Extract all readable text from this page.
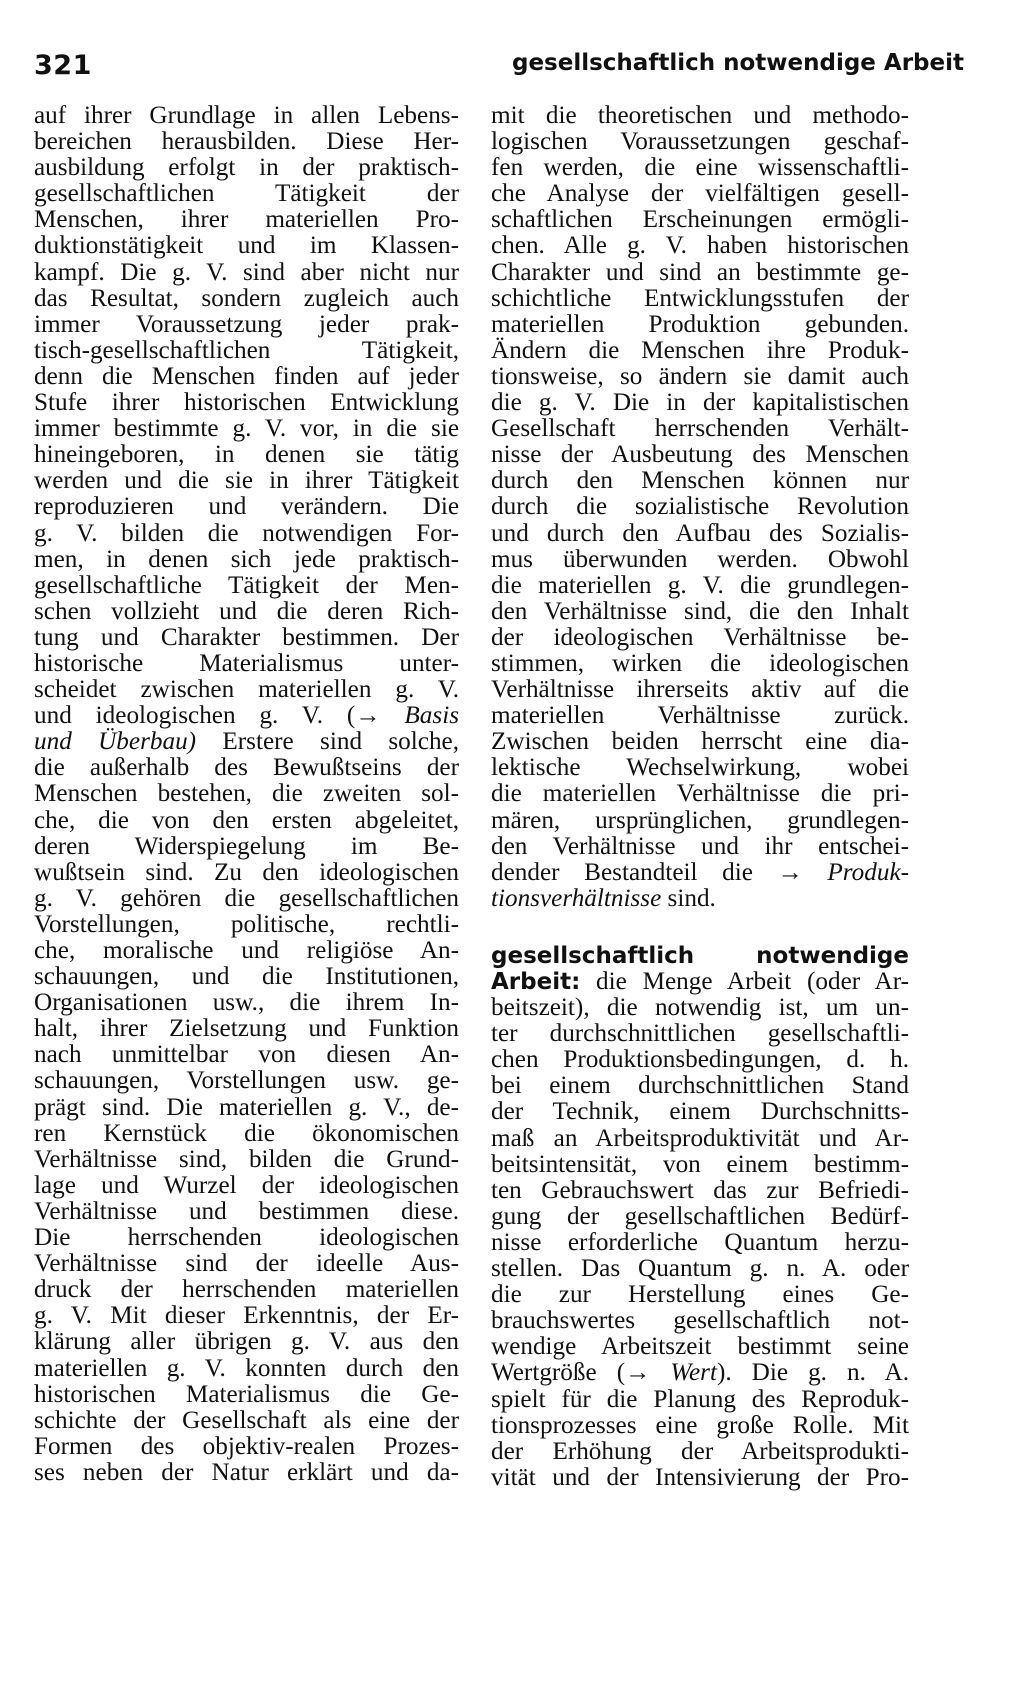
321	gesellschaftlich notwendige Arbeit
auf ihrer Grundlage in allen Lebens-
bereichen herausbilden. Diese Her-
ausbildung erfolgt in der praktisch-
gesellschaftlichen Tätigkeit der
Menschen, ihrer materiellen Pro-
duktionstätigkeit und im Klassen-
kampf. Die g. V. sind aber nicht nur
das Resultat, sondern zugleich auch
immer Voraussetzung jeder prak-
tisch-gesellschaftlichen Tätigkeit,
denn die Menschen finden auf jeder
Stufe ihrer historischen Entwicklung
immer bestimmte g. V. vor, in die sie
hineingeboren, in denen sie tätig
werden und die sie in ihrer Tätigkeit
reproduzieren und verändern. Die
g. V. bilden die notwendigen For-
men, in denen sich jede praktisch-
gesellschaftliche Tätigkeit der Men-
schen vollzieht und die deren Rich-
tung und Charakter bestimmen. Der
historische Materialismus unter-
scheidet zwischen materiellen g. V.
und ideologischen g. V. (→ Basis
und Überbau) Erstere sind solche,
die außerhalb des Bewußtseins der
Menschen bestehen, die zweiten sol-
che, die von den ersten abgeleitet,
deren Widerspiegelung im Be-
wußtsein sind. Zu den ideologischen
g. V. gehören die gesellschaftlichen
Vorstellungen, politische, rechtli-
che, moralische und religiöse An-
schauungen, und die Institutionen,
Organisationen usw., die ihrem In-
halt, ihrer Zielsetzung und Funktion
nach unmittelbar von diesen An-
schauungen, Vorstellungen usw. ge-
prägt sind. Die materiellen g. V., de-
ren Kernstück die ökonomischen
Verhältnisse sind, bilden die Grund-
lage und Wurzel der ideologischen
Verhältnisse und bestimmen diese.
Die herrschenden ideologischen
Verhältnisse sind der ideelle Aus-
druck der herrschenden materiellen
g. V. Mit dieser Erkenntnis, der Er-
klärung aller übrigen g. V. aus den
materiellen g. V. konnten durch den
historischen Materialismus die Ge-
schichte der Gesellschaft als eine der
Formen des objektiv-realen Prozes-
ses neben der Natur erklärt und da-
mit die theoretischen und methodo-
logischen Voraussetzungen geschaf-
fen werden, die eine wissenschaftli-
che Analyse der vielfältigen gesell-
schaftlichen Erscheinungen ermögli-
chen. Alle g. V. haben historischen
Charakter und sind an bestimmte ge-
schichtliche Entwicklungsstufen der
materiellen Produktion gebunden.
Ändern die Menschen ihre Produk-
tionsweise, so ändern sie damit auch
die g. V. Die in der kapitalistischen
Gesellschaft herrschenden Verhält-
nisse der Ausbeutung des Menschen
durch den Menschen können nur
durch die sozialistische Revolution
und durch den Aufbau des Sozialis-
mus überwunden werden. Obwohl
die materiellen g. V. die grundlegen-
den Verhältnisse sind, die den Inhalt
der ideologischen Verhältnisse be-
stimmen, wirken die ideologischen
Verhältnisse ihrerseits aktiv auf die
materiellen Verhältnisse zurück.
Zwischen beiden herrscht eine dia-
lektische Wechselwirkung, wobei
die materiellen Verhältnisse die pri-
mären, ursprünglichen, grundlegen-
den Verhältnisse und ihr entschei-
dender Bestandteil die → Produk-
tionsverhältnisse sind.
gesellschaftlich notwendige
Arbeit: die Menge Arbeit (oder Ar-
beitszeit), die notwendig ist, um un-
ter durchschnittlichen gesellschaftli-
chen Produktionsbedingungen, d. h.
bei einem durchschnittlichen Stand
der Technik, einem Durchschnitts-
maß an Arbeitsproduktivität und Ar-
beitsintensität, von einem bestimm-
ten Gebrauchswert das zur Befriedi-
gung der gesellschaftlichen Bedürf-
nisse erforderliche Quantum herzu-
stellen. Das Quantum g. n. A. oder
die zur Herstellung eines Ge-
brauchswertes gesellschaftlich not-
wendige Arbeitszeit bestimmt seine
Wertgröße (→ Wert). Die g. n. A.
spielt für die Planung des Reproduk-
tionsprozesses eine große Rolle. Mit
der Erhöhung der Arbeitsprodukti-
vität und der Intensivierung der Pro-
